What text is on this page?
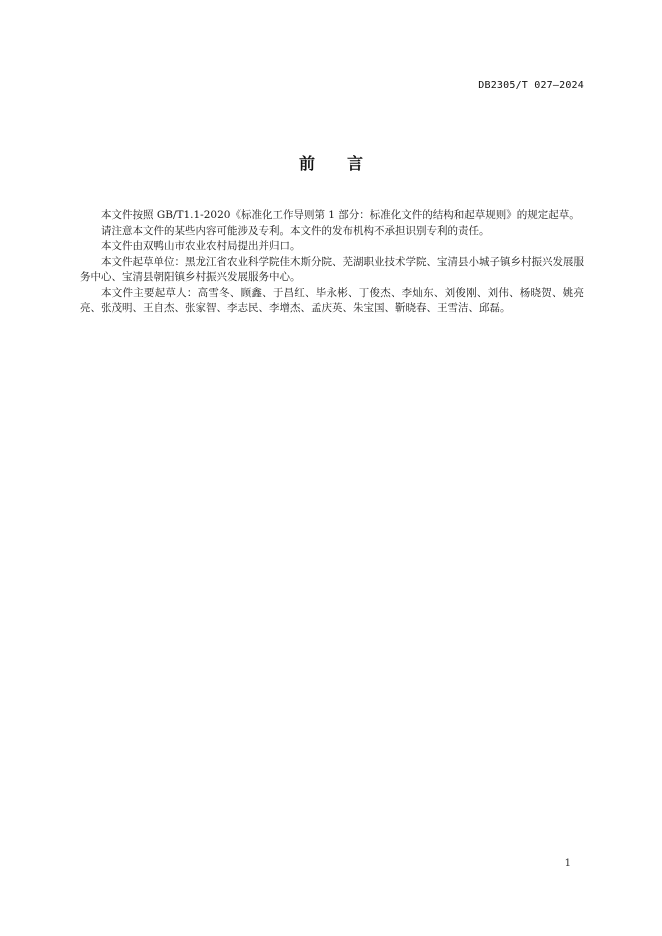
DB2305/T 027—2024
前言

本文件按照 GB/T1.1-2020《标准化工作导则第 1 部分：标准化文件的结构和起草规则》的规定起草。

请注意本文件的某些内容可能涉及专利。本文件的发布机构不承担识别专利的责任。

本文件由双鸭山市农业农村局提出并归口。

本文件起草单位：黑龙江省农业科学院佳木斯分院、芜湖职业技术学院、宝清县小城子镇乡村振兴发展服务中心、宝清县朝阳镇乡村振兴发展服务中心。

本文件主要起草人：高雪冬、顾鑫、于昌红、毕永彬、丁俊杰、李灿东、刘俊刚、刘伟、杨晓贺、姚亮亮、张茂明、王自杰、张家智、李志民、李增杰、孟庆英、朱宝国、靳晓春、王雪洁、邱磊。

1
